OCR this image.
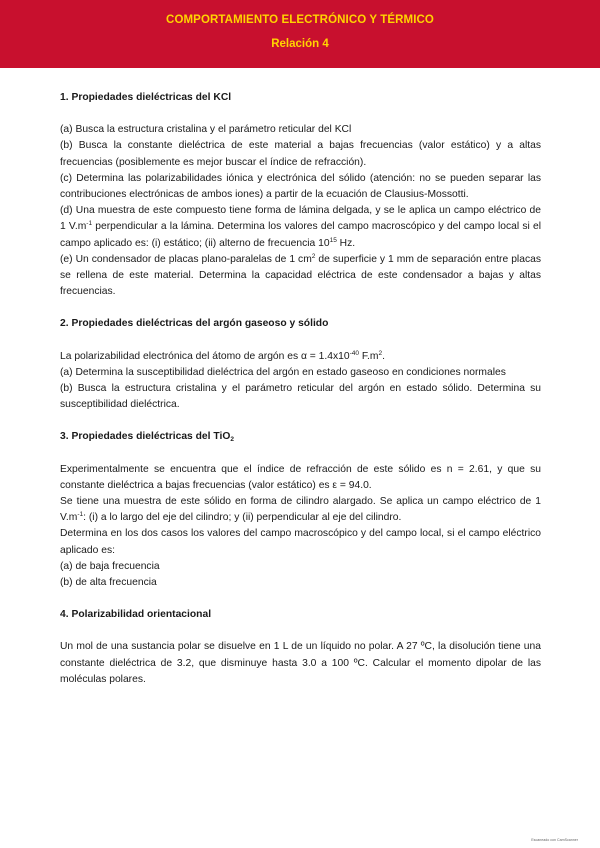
COMPORTAMIENTO ELECTRÓNICO Y TÉRMICO
Relación 4
1. Propiedades dieléctricas del KCl

(a) Busca la estructura cristalina y el parámetro reticular del KCl

(b) Busca la constante dieléctrica de este material a bajas frecuencias (valor estático) y a altas frecuencias (posiblemente es mejor buscar el índice de refracción).

(c) Determina las polarizabilidades iónica y electrónica del sólido (atención: no se pueden separar las contribuciones electrónicas de ambos iones) a partir de la ecuación de Clausius-Mossotti.

(d) Una muestra de este compuesto tiene forma de lámina delgada, y se le aplica un campo eléctrico de 1 $V.m^{-1}$ perpendicular a la lámina. Determina los valores del campo macroscópico y del campo local si el campo aplicado es: (i) estático; (ii) alterno de frecuencia $10^{15}$ Hz.

(e) Un condensador de placas plano-paralelas de 1 $cm^2$ de superficie y 1 mm de separación entre placas se rellena de este material. Determina la capacidad eléctrica de este condensador a bajas y altas frecuencias.

2. Propiedades dieléctricas del argón gaseoso y sólido

La polarizabilidad electrónica del átomo de argón es $\alpha = 1.4x10^{-40}$ $F.m^2$.

(a) Determina la susceptibilidad dieléctrica del argón en estado gaseoso en condiciones normales

(b) Busca la estructura cristalina y el parámetro reticular del argón en estado sólido. Determina su susceptibilidad dieléctrica.

3. Propiedades dieléctricas del TiO$_2$

Experimentalmente se encuentra que el índice de refracción de este sólido es n = 2.61, y que su constante dieléctrica a bajas frecuencias (valor estático) es ε = 94.0.

Se tiene una muestra de este sólido en forma de cilindro alargado. Se aplica un campo eléctrico de 1 $V.m^{-1}$: (i) a lo largo del eje del cilindro; y (ii) perpendicular al eje del cilindro.

Determina en los dos casos los valores del campo macroscópico y del campo local, si el campo eléctrico aplicado es:

(a) de baja frecuencia

(b) de alta frecuencia

4. Polarizabilidad orientacional

Un mol de una sustancia polar se disuelve en 1 L de un líquido no polar. A 27 ºC, la disolución tiene una constante dieléctrica de 3.2, que disminuye hasta 3.0 a 100 ºC. Calcular el momento dipolar de las moléculas polares.

Escaneado con CamScanner
